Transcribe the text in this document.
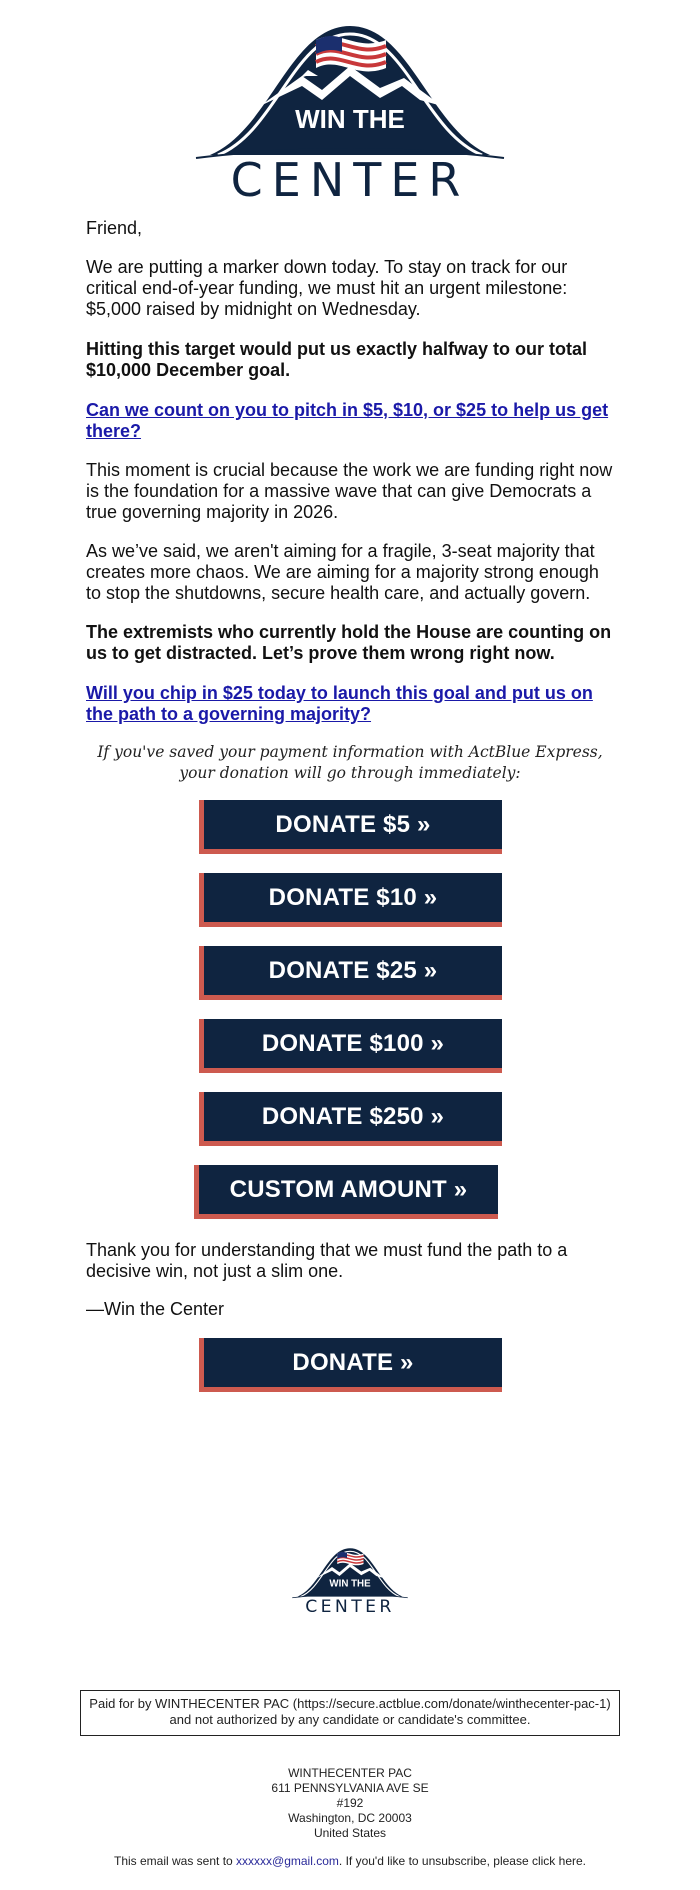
WIN THE
CENTER

Friend,

We are putting a marker down today. To stay on track for our critical end-of-year funding, we must hit an urgent milestone: $5,000 raised by midnight on Wednesday.

Hitting this target would put us exactly halfway to our total $10,000 December goal.

Can we count on you to pitch in $5, $10, or $25 to help us get there?

This moment is crucial because the work we are funding right now is the foundation for a massive wave that can give Democrats a true governing majority in 2026.

As we’ve said, we aren't aiming for a fragile, 3-seat majority that creates more chaos. We are aiming for a majority strong enough to stop the shutdowns, secure health care, and actually govern.

The extremists who currently hold the House are counting on us to get distracted. Let’s prove them wrong right now.

Will you chip in $25 today to launch this goal and put us on the path to a governing majority?

If you've saved your payment information with ActBlue Express, your donation will go through immediately:
DONATE $5 »
DONATE $10 »
DONATE $25 »
DONATE $100 »
DONATE $250 »
CUSTOM AMOUNT »

Thank you for understanding that we must fund the path to a decisive win, not just a slim one.

—Win the Center

DONATE »
WIN THE
CENTER
Paid for by WINTHECENTER PAC (https://secure.actblue.com/donate/winthecenter-pac-1) and not authorized by any candidate or candidate's committee.
WINTHECENTER PAC
611 PENNSYLVANIA AVE SE
#192
Washington, DC 20003
United States
This email was sent to xxxxxx@gmail.com. If you'd like to unsubscribe, please click here.
